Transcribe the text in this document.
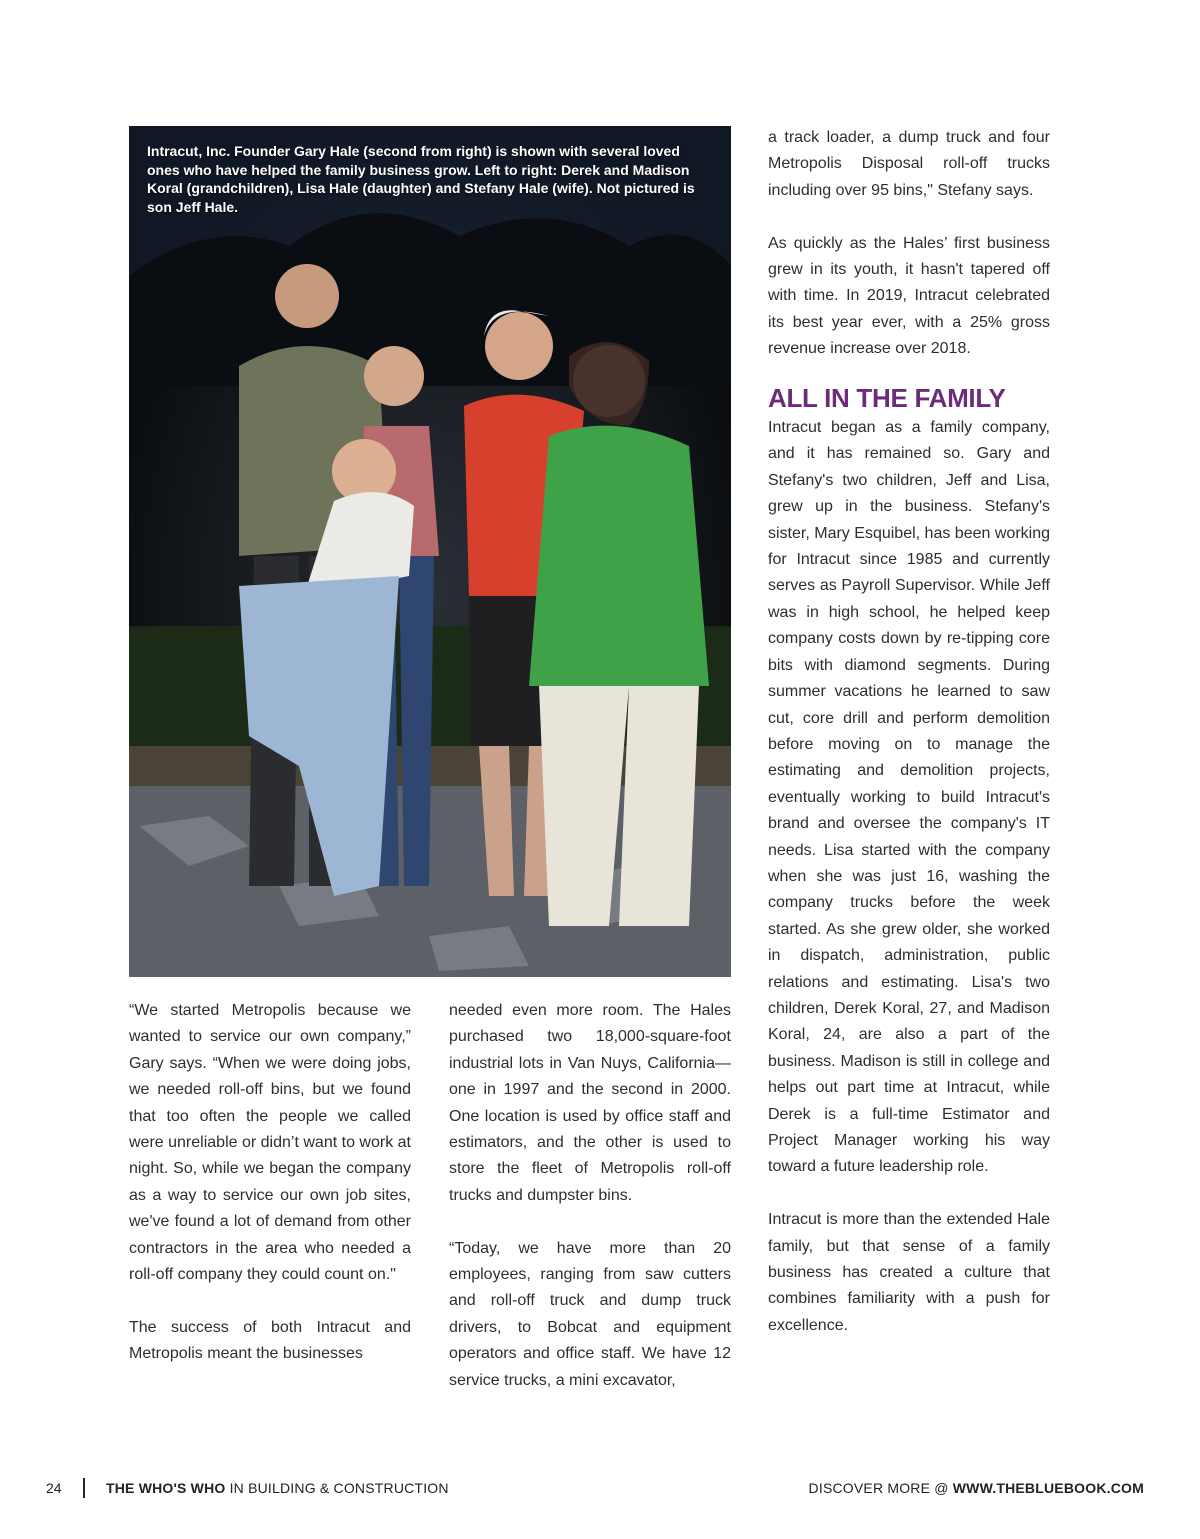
Intracut, Inc. Founder Gary Hale (second from right) is shown with several loved ones who have helped the family business grow. Left to right: Derek and Madison Koral (grandchildren), Lisa Hale (daughter) and Stefany Hale (wife). Not pictured is son Jeff Hale.

“We started Metropolis because we wanted to service our own company,” Gary says. “When we were doing jobs, we needed roll-off bins, but we found that too often the people we called were unreliable or didn’t want to work at night. So, while we began the company as a way to service our own job sites, we've found a lot of demand from other contractors in the area who needed a roll-off company they could count on."

The success of both Intracut and Metropolis meant the businesses

needed even more room. The Hales purchased two 18,000-square-foot industrial lots in Van Nuys, California—one in 1997 and the second in 2000. One location is used by office staff and estimators, and the other is used to store the fleet of Metropolis roll-off trucks and dumpster bins.

“Today, we have more than 20 employees, ranging from saw cutters and roll-off truck and dump truck drivers, to Bobcat and equipment operators and office staff. We have 12 service trucks, a mini excavator,

a track loader, a dump truck and four Metropolis Disposal roll-off trucks including over 95 bins," Stefany says.

As quickly as the Hales’ first business grew in its youth, it hasn't tapered off with time. In 2019, Intracut celebrated its best year ever, with a 25% gross revenue increase over 2018.

ALL IN THE FAMILY

Intracut began as a family company, and it has remained so. Gary and Stefany's two children, Jeff and Lisa, grew up in the business. Stefany's sister, Mary Esquibel, has been working for Intracut since 1985 and currently serves as Payroll Supervisor. While Jeff was in high school, he helped keep company costs down by re-tipping core bits with diamond segments. During summer vacations he learned to saw cut, core drill and perform demolition before moving on to manage the estimating and demolition projects, eventually working to build Intracut's brand and oversee the company's IT needs. Lisa started with the company when she was just 16, washing the company trucks before the week started. As she grew older, she worked in dispatch, administration, public relations and estimating. Lisa's two children, Derek Koral, 27, and Madison Koral, 24, are also a part of the business. Madison is still in college and helps out part time at Intracut, while Derek is a full-time Estimator and Project Manager working his way toward a future leadership role.

Intracut is more than the extended Hale family, but that sense of a family business has created a culture that combines familiarity with a push for excellence.

24	THE WHO'S WHO IN BUILDING & CONSTRUCTION	DISCOVER MORE @ WWW.THEBLUEBOOK.COM
